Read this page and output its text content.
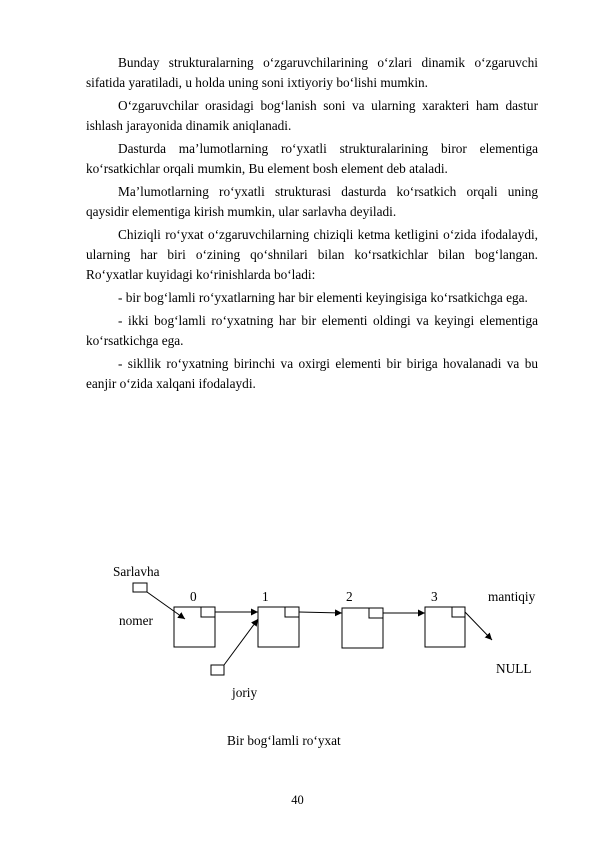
Bunday strukturalarning o‘zgaruvchilarining o‘zlari dinamik o‘zgaruvchi sifatida yaratiladi, u holda uning soni ixtiyoriy bo‘lishi mumkin.

O‘zgaruvchilar orasidagi bog‘lanish soni va ularning xarakteri ham dastur ishlash jarayonida dinamik aniqlanadi.

Dasturda ma’lumotlarning ro‘yxatli strukturalarining biror elementiga ko‘rsatkichlar orqali mumkin, Bu element bosh element deb ataladi.

Ma’lumotlarning ro‘yxatli strukturasi dasturda ko‘rsatkich orqali uning qaysidir elementiga kirish mumkin, ular sarlavha deyiladi.

Chiziqli ro‘yxat o‘zgaruvchilarning chiziqli ketma ketligini o‘zida ifodalaydi, ularning har biri o‘zining qo‘shnilari bilan ko‘rsatkichlar bilan bog‘langan. Ro‘yxatlar kuyidagi ko‘rinishlarda bo‘ladi:

- bir bog‘lamli ro‘yxatlarning har bir elementi keyingisiga ko‘rsatkichga ega.

- ikki bog‘lamli ro‘yxatning har bir elementi oldingi va keyingi elementiga ko‘rsatkichga ega.

- sikllik ro‘yxatning birinchi va oxirgi elementi bir biriga hovalanadi va bu eanjir o‘zida xalqani ifodalaydi.

Sarlavha
0	1	2	3	mantiqiy
nomer
NULL
joriy
Bir bog‘lamli ro‘yxat
40
